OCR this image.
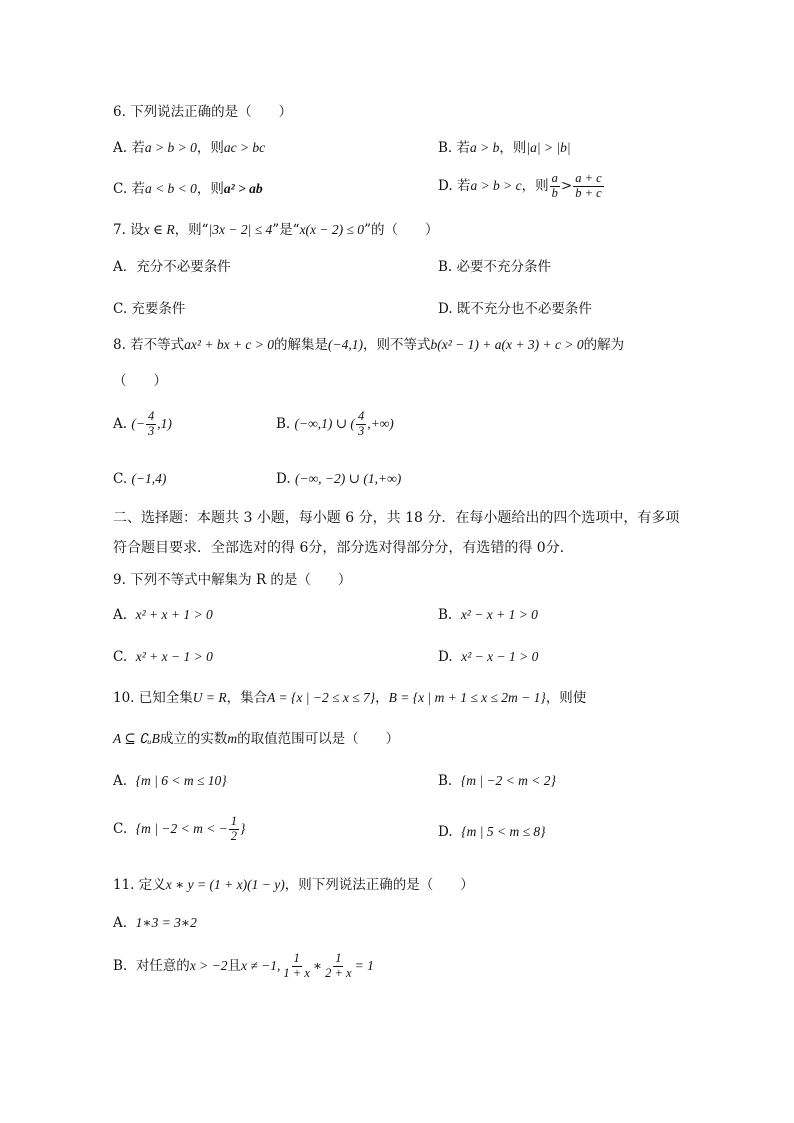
6. 下列说法正确的是（　　）
A. 若a > b > 0，则ac > bc	B. 若a > b，则|a| > |b|
C. 若a < b < 0，则a² > ab	D. 若a > b > c，则 $\frac{a}{b} > \frac{a + c}{b + c}$
7. 设x ∈ R，则“|3x − 2| ≤ 4”是“x(x − 2) ≤ 0”的（　　）
A．充分不必要条件	B. 必要不充分条件
C. 充要条件	D. 既不充分也不必要条件
8. 若不等式ax² + bx + c > 0的解集是(−4,1)，则不等式b(x² − 1) + a(x + 3) + c > 0的解为
（　　）
A. (− $\frac{4}{3} ,1$)	B. (−∞,1) ∪ ( $\frac{4}{3}$ ,+∞)
C. (−1,4)	D. (−∞, −2) ∪ (1,+∞)
二、选择题：本题共 3 小题，每小题 6 分，共 18 分．在每小题给出的四个选项中，有多项
符合题目要求．全部选对的得 6分，部分选对得部分分，有选错的得 0分．
9. 下列不等式中解集为 R 的是（　　）
A. x² + x + 1 > 0	B. x² − x + 1 > 0
C. x² + x − 1 > 0	D. x² − x − 1 > 0
10. 已知全集U = R，集合A = {x | −2 ≤ x ≤ 7}，B = {x | m + 1 ≤ x ≤ 2m − 1}，则使
A ⊆ ∁ᵤB成立的实数m的取值范围可以是（　　）
A. {m | 6 < m ≤ 10}	B. {m | −2 < m < 2}
C. {m | −2 < m < − $\frac{1}{2}$ }	D. {m | 5 < m ≤ 8}
11. 定义x ∗ y = (1 + x)(1 − y)，则下列说法正确的是（　　）
A. 1∗3 = 3∗2
B. 对任意的x > −2且x ≠ −1, $\frac{1}{1 + x}$ ∗ $\frac{1}{2 + x} = 1$
